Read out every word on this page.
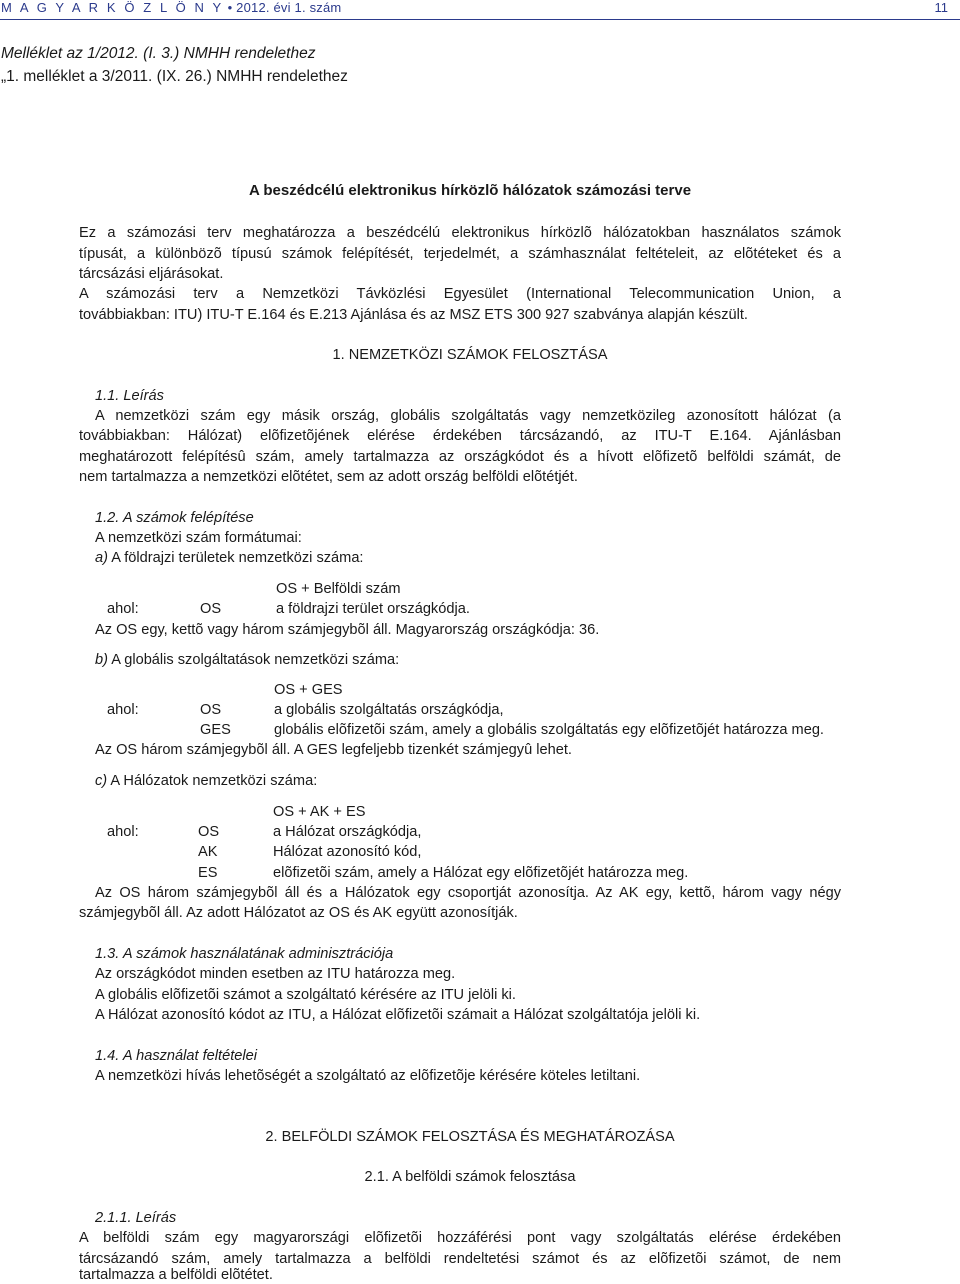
M A G Y A R K Ö Z L Ö N Y • 2012. évi 1. szám	11
Melléklet az 1/2012. (I. 3.) NMHH rendelethez
„1. melléklet a 3/2011. (IX. 26.) NMHH rendelethez
A beszédcélú elektronikus hírközlõ hálózatok számozási terve
Ez a számozási terv meghatározza a beszédcélú elektronikus hírközlõ hálózatokban használatos számok
típusát, a különbözõ típusú számok felépítését, terjedelmét, a számhasználat feltételeit, az elõtéteket és a
tárcsázási eljárásokat.
A számozási terv a Nemzetközi Távközlési Egyesület (International Telecommunication Union, a
továbbiakban: ITU) ITU-T E.164 és E.213 Ajánlása és az MSZ ETS 300 927 szabványa alapján készült.
1. NEMZETKÖZI SZÁMOK FELOSZTÁSA
1.1. Leírás
A nemzetközi szám egy másik ország, globális szolgáltatás vagy nemzetközileg azonosított hálózat (a
továbbiakban: Hálózat) elõfizetõjének elérése érdekében tárcsázandó, az ITU-T E.164. Ajánlásban
meghatározott felépítésû szám, amely tartalmazza az országkódot és a hívott elõfizetõ belföldi számát, de
nem tartalmazza a nemzetközi elõtétet, sem az adott ország belföldi elõtétjét.
1.2. A számok felépítése
A nemzetközi szám formátumai:
a) A földrajzi területek nemzetközi száma:
OS + Belföldi szám
ahol:	OS	a földrajzi terület országkódja.
Az OS egy, kettõ vagy három számjegybõl áll. Magyarország országkódja: 36.
b) A globális szolgáltatások nemzetközi száma:
OS + GES
ahol:	OS	a globális szolgáltatás országkódja,
GES	globális elõfizetõi szám, amely a globális szolgáltatás egy elõfizetõjét határozza meg.
Az OS három számjegybõl áll. A GES legfeljebb tizenkét számjegyû lehet.
c) A Hálózatok nemzetközi száma:
OS + AK + ES
ahol:	OS	a Hálózat országkódja,
AK	Hálózat azonosító kód,
ES	elõfizetõi szám, amely a Hálózat egy elõfizetõjét határozza meg.
Az OS három számjegybõl áll és a Hálózatok egy csoportját azonosítja. Az AK egy, kettõ, három vagy négy
számjegybõl áll. Az adott Hálózatot az OS és AK együtt azonosítják.
1.3. A számok használatának adminisztrációja
Az országkódot minden esetben az ITU határozza meg.
A globális elõfizetõi számot a szolgáltató kérésére az ITU jelöli ki.
A Hálózat azonosító kódot az ITU, a Hálózat elõfizetõi számait a Hálózat szolgáltatója jelöli ki.
1.4. A használat feltételei
A nemzetközi hívás lehetõségét a szolgáltató az elõfizetõje kérésére köteles letiltani.
2. BELFÖLDI SZÁMOK FELOSZTÁSA ÉS MEGHATÁROZÁSA
2.1. A belföldi számok felosztása
2.1.1. Leírás
A belföldi szám egy magyarországi elõfizetõi hozzáférési pont vagy szolgáltatás elérése érdekében
tárcsázandó szám, amely tartalmazza a belföldi rendeltetési számot és az elõfizetõi számot, de nem
tartalmazza a belföldi elõtétet.
